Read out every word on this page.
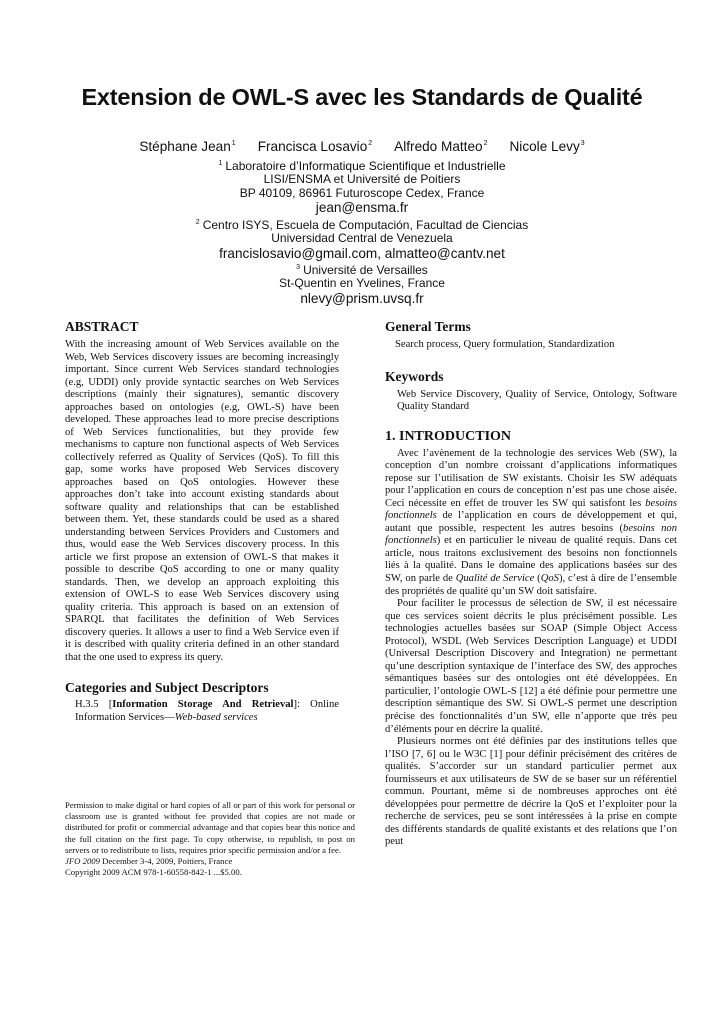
Extension de OWL-S avec les Standards de Qualité
Stéphane Jean$^1$ Francisca Losavio$^2$ Alfredo Matteo$^2$ Nicole Levy$^3$
$^1$ Laboratoire d’Informatique Scientifique et Industrielle
LISI/ENSMA et Université de Poitiers
BP 40109, 86961 Futuroscope Cedex, France
jean@ensma.fr
$^2$ Centro ISYS, Escuela de Computación, Facultad de Ciencias
Universidad Central de Venezuela
francislosavio@gmail.com, almatteo@cantv.net
$^3$ Université de Versailles
St-Quentin en Yvelines, France
nlevy@prism.uvsq.fr
ABSTRACT

With the increasing amount of Web Services available on the Web, Web Services discovery issues are becoming increasingly important. Since current Web Services standard technologies (e.g, UDDI) only provide syntactic searches on Web Services descriptions (mainly their signatures), semantic discovery approaches based on ontologies (e.g, OWL-S) have been developed. These approaches lead to more precise descriptions of Web Services functionalities, but they provide few mechanisms to capture non functional aspects of Web Services collectively referred as Quality of Services (QoS). To fill this gap, some works have proposed Web Services discovery approaches based on QoS ontologies. However these approaches don’t take into account existing standards about software quality and relationships that can be established between them. Yet, these standards could be used as a shared understanding between Services Providers and Customers and thus, would ease the Web Services discovery process. In this article we first propose an extension of OWL-S that makes it possible to describe QoS according to one or many quality standards. Then, we develop an approach exploiting this extension of OWL-S to ease Web Services discovery using quality criteria. This approach is based on an extension of SPARQL that facilitates the definition of Web Services discovery queries. It allows a user to find a Web Service even if it is described with quality criteria defined in an other standard that the one used to express its query.

Categories and Subject Descriptors

H.3.5 [Information Storage And Retrieval]: Online Information Services—Web-based services

Permission to make digital or hard copies of all or part of this work for personal or classroom use is granted without fee provided that copies are not made or distributed for profit or commercial advantage and that copies bear this notice and the full citation on the first page. To copy otherwise, to republish, to post on servers or to redistribute to lists, requires prior specific permission and/or a fee.

JFO 2009 December 3-4, 2009, Poitiers, France

Copyright 2009 ACM 978-1-60558-842-1 ...$5.00.

General Terms

Search process, Query formulation, Standardization

Keywords

Web Service Discovery, Quality of Service, Ontology, Software Quality Standard

1. INTRODUCTION

Avec l’avènement de la technologie des services Web (SW), la conception d’un nombre croissant d’applications informatiques repose sur l’utilisation de SW existants. Choisir les SW adéquats pour l’application en cours de conception n’est pas une chose aisée. Ceci nécessite en effet de trouver les SW qui satisfont les besoins fonctionnels de l’application en cours de développement et qui, autant que possible, respectent les autres besoins (besoins non fonctionnels) et en particulier le niveau de qualité requis. Dans cet article, nous traitons exclusivement des besoins non fonctionnels liés à la qualité. Dans le domaine des applications basées sur des SW, on parle de Qualité de Service (QoS), c’est à dire de l’ensemble des propriétés de qualité qu’un SW doit satisfaire.

Pour faciliter le processus de sélection de SW, il est nécessaire que ces services soient décrits le plus précisément possible. Les technologies actuelles basées sur SOAP (Simple Object Access Protocol), WSDL (Web Services Description Language) et UDDI (Universal Description Discovery and Integration) ne permettant qu’une description syntaxique de l’interface des SW, des approches sémantiques basées sur des ontologies ont été développées. En particulier, l’ontologie OWL-S [12] a été définie pour permettre une description sémantique des SW. Si OWL-S permet une description précise des fonctionnalités d’un SW, elle n’apporte que très peu d’éléments pour en décrire la qualité.

Plusieurs normes ont été définies par des institutions telles que l’ISO [7, 6] ou le W3C [1] pour définir précisément des critères de qualités. S’accorder sur un standard particulier permet aux fournisseurs et aux utilisateurs de SW de se baser sur un référentiel commun. Pourtant, même si de nombreuses approches ont été développées pour permettre de décrire la QoS et l’exploiter pour la recherche de services, peu se sont intéressées à la prise en compte des différents standards de qualité existants et des relations que l’on peut
